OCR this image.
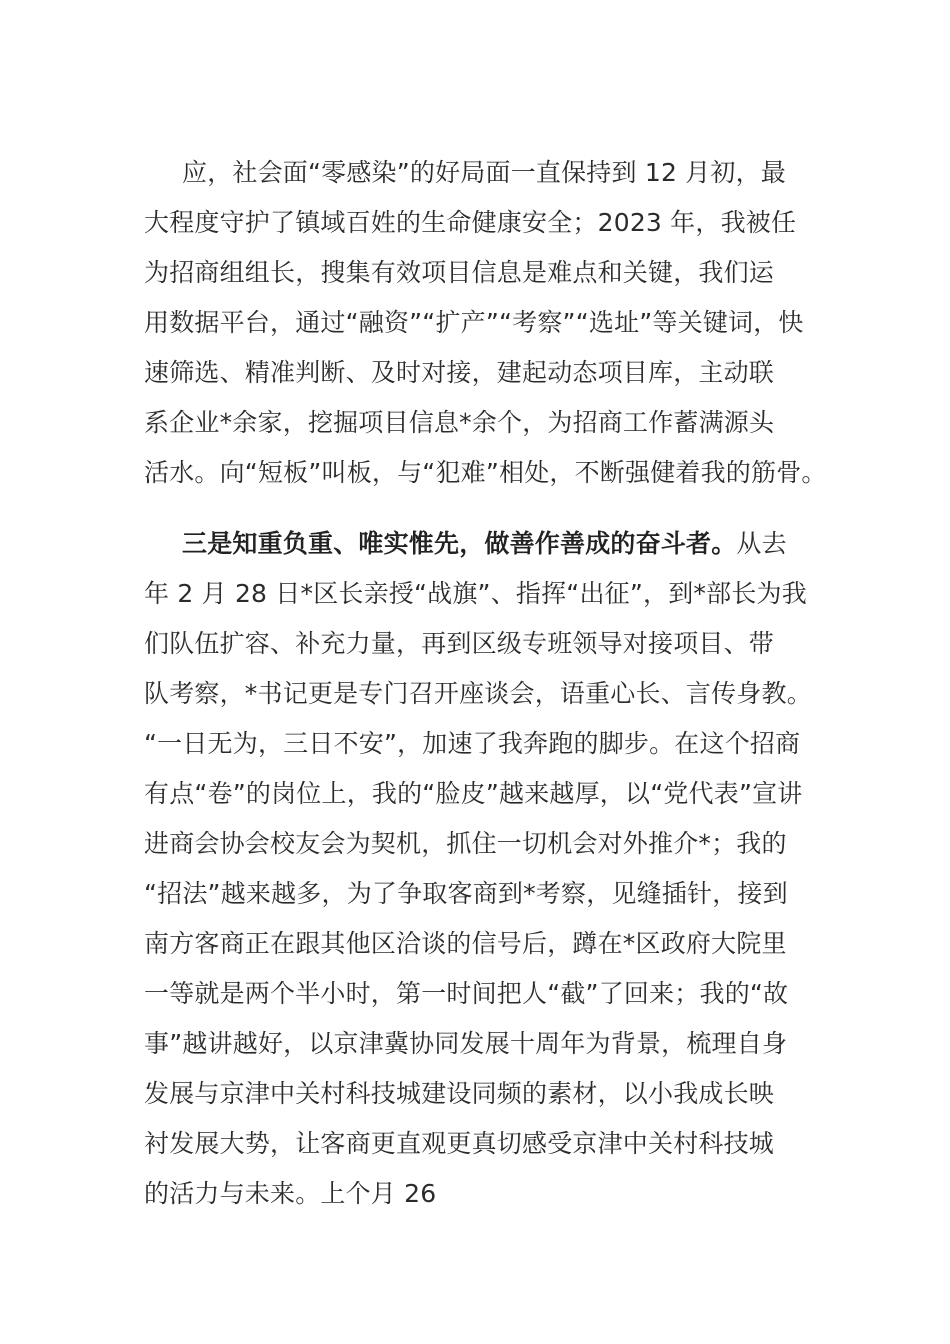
应，社会面“零感染”的好局面一直保持到 12 月初，最
大程度守护了镇域百姓的生命健康安全；2023 年，我被任
为招商组组长，搜集有效项目信息是难点和关键，我们运
用数据平台，通过“融资”“扩产”“考察”“选址”等关键词，快
速筛选、精准判断、及时对接，建起动态项目库，主动联
系企业*余家，挖掘项目信息*余个，为招商工作蓄满源头
活水。向“短板”叫板，与“犯难”相处，不断强健着我的筋骨。
三是知重负重、唯实惟先，做善作善成的奋斗者。从去
年 2 月 28 日*区长亲授“战旗”、指挥“出征”，到*部长为我
们队伍扩容、补充力量，再到区级专班领导对接项目、带
队考察，*书记更是专门召开座谈会，语重心长、言传身教。
“一日无为，三日不安”，加速了我奔跑的脚步。在这个招商
有点“卷”的岗位上，我的“脸皮”越来越厚，以“党代表”宣讲
进商会协会校友会为契机，抓住一切机会对外推介*；我的
“招法”越来越多，为了争取客商到*考察，见缝插针，接到
南方客商正在跟其他区洽谈的信号后，蹲在*区政府大院里
一等就是两个半小时，第一时间把人“截”了回来；我的“故
事”越讲越好，以京津冀协同发展十周年为背景，梳理自身
发展与京津中关村科技城建设同频的素材，以小我成长映
衬发展大势，让客商更直观更真切感受京津中关村科技城
的活力与未来。上个月 26
